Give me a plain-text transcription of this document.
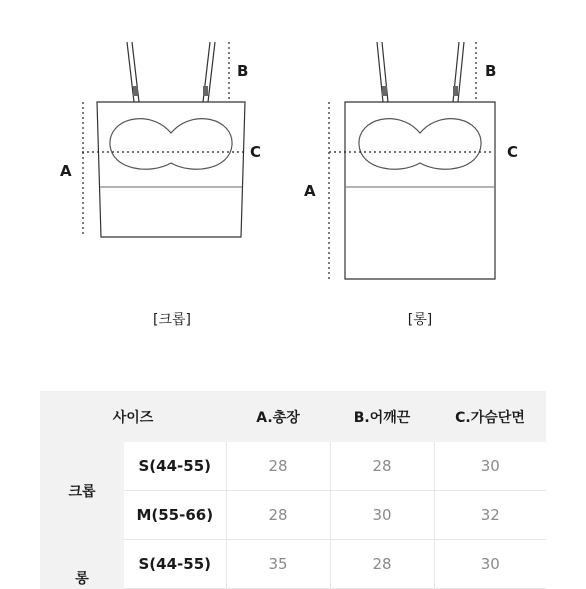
A
B
C
[크롭]
A
B
C
[롱]
사이즈		A.총장	B.어깨끈	C.가슴단면
크롭	S(44-55)	28	28	30
	M(55-66)	28	30	32
롱	S(44-55)	35	28	30
